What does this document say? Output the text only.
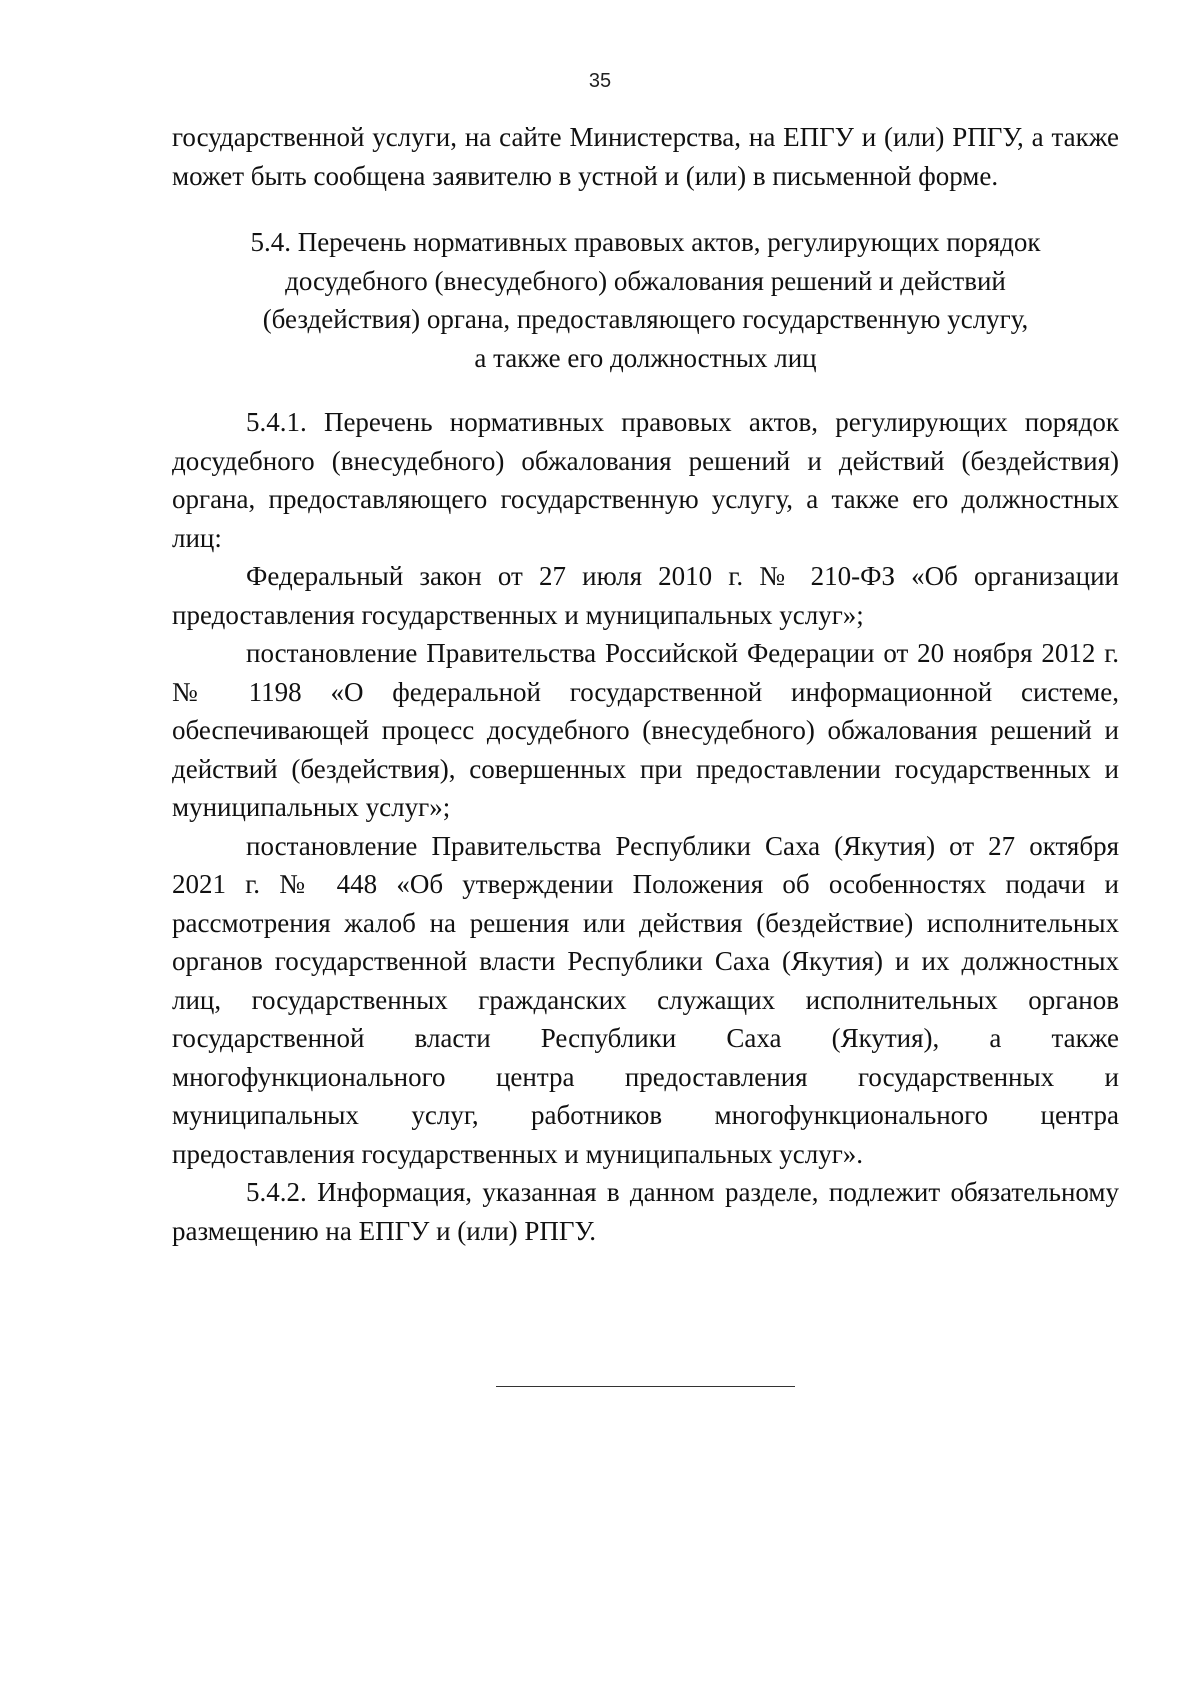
35

государственной услуги, на сайте Министерства, на ЕПГУ и (или) РПГУ, а также может быть сообщена заявителю в устной и (или) в письменной форме.

5.4. Перечень нормативных правовых актов, регулирующих порядок
досудебного (внесудебного) обжалования решений и действий
(бездействия) органа, предоставляющего государственную услугу,
а также его должностных лиц

5.4.1. Перечень нормативных правовых актов, регулирующих порядок досудебного (внесудебного) обжалования решений и действий (бездействия) органа, предоставляющего государственную услугу, а также его должностных лиц:

Федеральный закон от 27 июля 2010 г. № 210-ФЗ «Об организации предоставления государственных и муниципальных услуг»;

постановление Правительства Российской Федерации от 20 ноября 2012 г. № 1198 «О федеральной государственной информационной системе, обеспечивающей процесс досудебного (внесудебного) обжалования решений и действий (бездействия), совершенных при предоставлении государственных и муниципальных услуг»;

постановление Правительства Республики Саха (Якутия) от 27 октября 2021 г. № 448 «Об утверждении Положения об особенностях подачи и рассмотрения жалоб на решения или действия (бездействие) исполнительных органов государственной власти Республики Саха (Якутия) и их должностных лиц, государственных гражданских служащих исполнительных органов государственной власти Республики Саха (Якутия), а также многофункционального центра предоставления государственных и муниципальных услуг, работников многофункционального центра предоставления государственных и муниципальных услуг».

5.4.2. Информация, указанная в данном разделе, подлежит обязательному размещению на ЕПГУ и (или) РПГУ.
